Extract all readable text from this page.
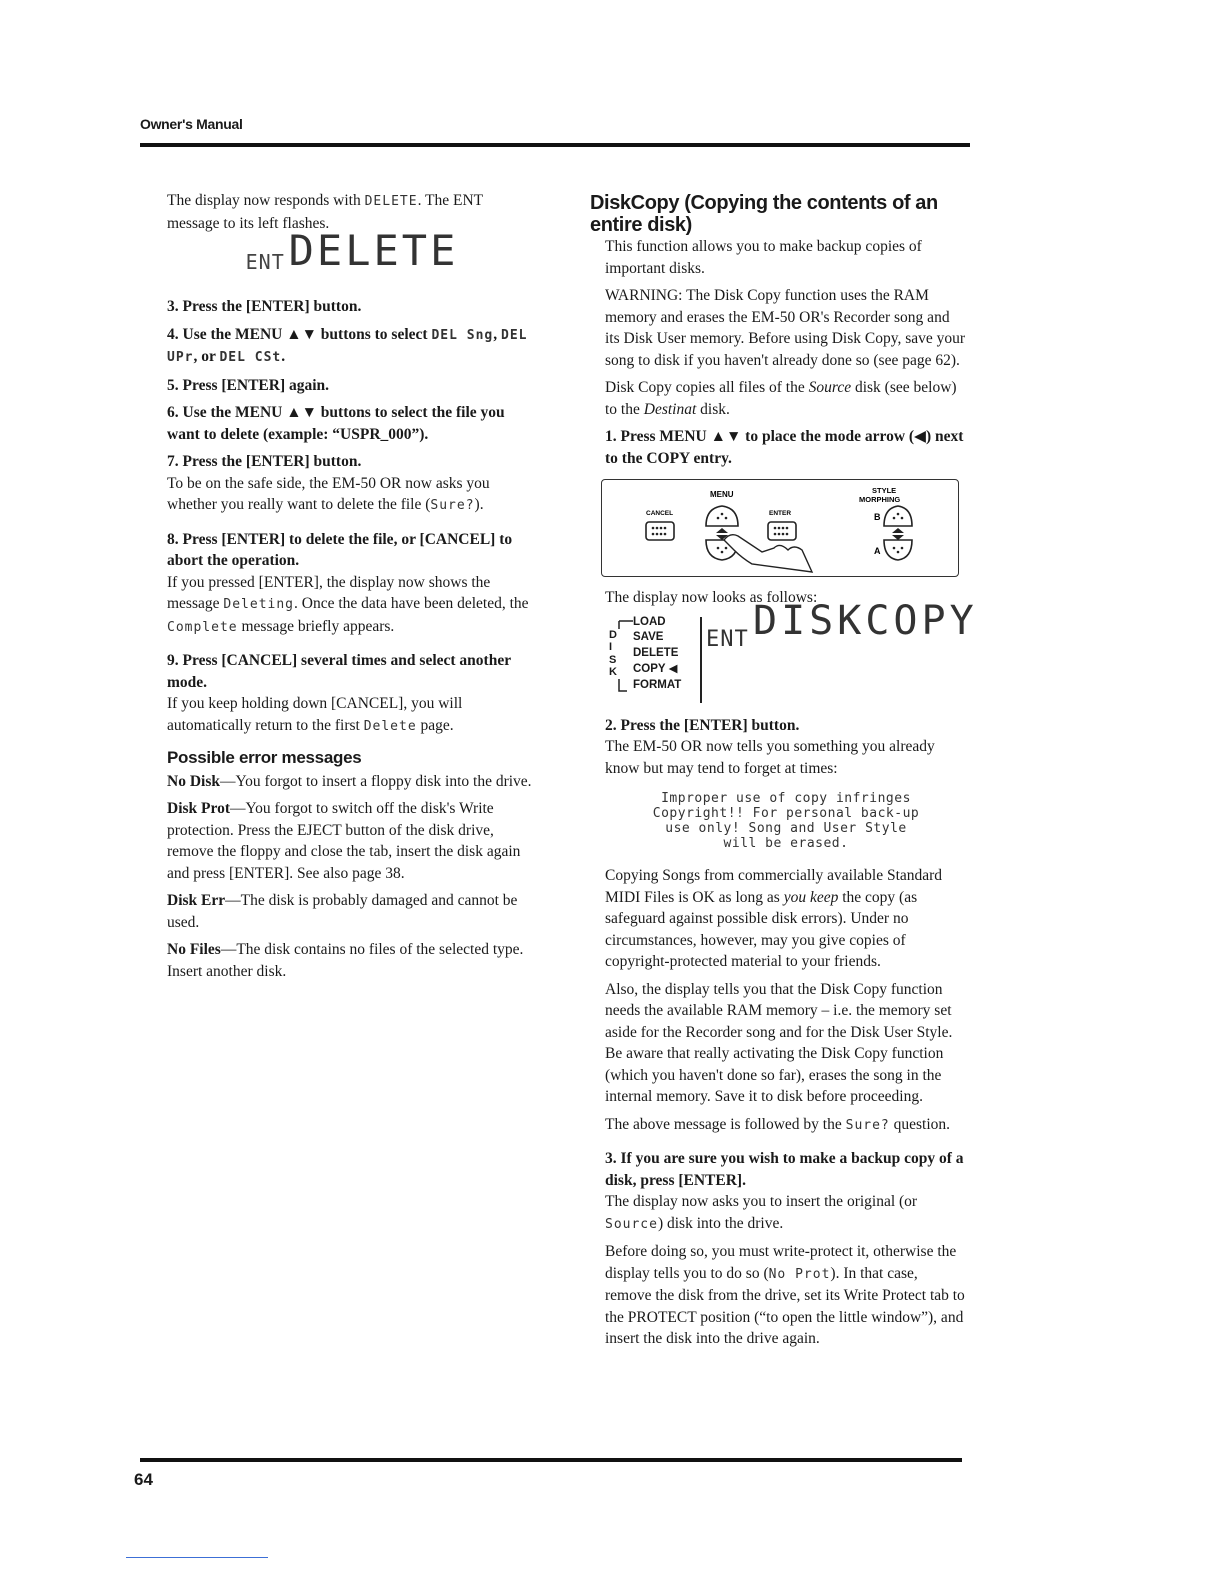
Owner's Manual

The display now responds with DELETE. The ENT message to its left flashes.

ENT DELETE

3. Press the [ENTER] button.

4. Use the MENU ▲▼ buttons to select DEL Sng, DEL UPr, or DEL CSt.

5. Press [ENTER] again.

6. Use the MENU ▲▼ buttons to select the file you want to delete (example: “USPR_000”).

7. Press the [ENTER] button.

To be on the safe side, the EM-50 OR now asks you whether you really want to delete the file (Sure?).

8. Press [ENTER] to delete the file, or [CANCEL] to abort the operation.

If you pressed [ENTER], the display now shows the message Deleting. Once the data have been deleted, the Complete message briefly appears.

9. Press [CANCEL] several times and select another mode.

If you keep holding down [CANCEL], you will automatically return to the first Delete page.

Possible error messages

No Disk—You forgot to insert a floppy disk into the drive.

Disk Prot—You forgot to switch off the disk's Write protection. Press the EJECT button of the disk drive, remove the floppy and close the tab, insert the disk again and press [ENTER]. See also page 38.

Disk Err—The disk is probably damaged and cannot be used.

No Files—The disk contains no files of the selected type. Insert another disk.

DiskCopy (Copying the contents of an entire disk)

This function allows you to make backup copies of important disks.

WARNING: The Disk Copy function uses the RAM memory and erases the EM-50 OR's Recorder song and its Disk User memory. Before using Disk Copy, save your song to disk if you haven't already done so (see page 62).

Disk Copy copies all files of the Source disk (see below) to the Destinat disk.

1. Press MENU ▲▼ to place the mode arrow (◀) next to the COPY entry.

MENU	STYLE
MORPHING
CANCEL	ENTER	B
A

The display now looks as follows:

D
I
S
K
LOAD
SAVE
DELETE
COPY ◀
FORMAT
ENT DISKCOPY

2. Press the [ENTER] button.

The EM-50 OR now tells you something you already know but may tend to forget at times:

Improper use of copy infringes
Copyright!! For personal back-up
use only! Song and User Style
will be erased.

Copying Songs from commercially available Standard MIDI Files is OK as long as you keep the copy (as safeguard against possible disk errors). Under no circumstances, however, may you give copies of copyright-protected material to your friends.

Also, the display tells you that the Disk Copy function needs the available RAM memory – i.e. the memory set aside for the Recorder song and for the Disk User Style. Be aware that really activating the Disk Copy function (which you haven't done so far), erases the song in the internal memory. Save it to disk before proceeding.

The above message is followed by the Sure? question.

3. If you are sure you wish to make a backup copy of a disk, press [ENTER].

The display now asks you to insert the original (or Source) disk into the drive.

Before doing so, you must write-protect it, otherwise the display tells you to do so (No Prot). In that case, remove the disk from the drive, set its Write Protect tab to the PROTECT position (“to open the little window”), and insert the disk into the drive again.

64
